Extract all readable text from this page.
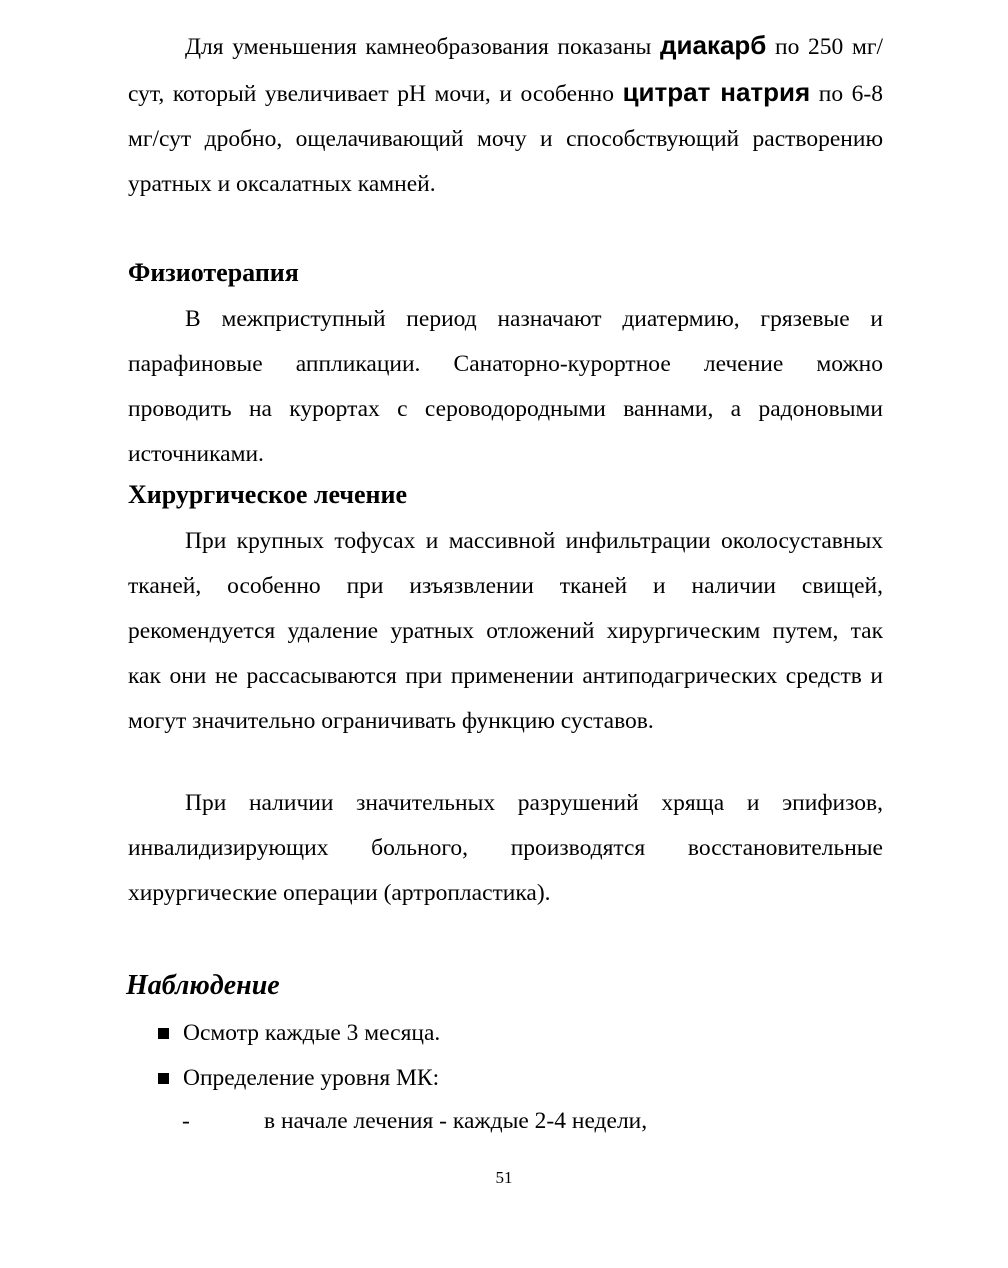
Для уменьшения камнеобразования показаны диакарб по 250 мг/сут, который увеличивает рН мочи, и особенно цитрат натрия по 6-8 мг/сут дробно, ощелачивающий мочу и способствующий растворению уратных и оксалатных камней.

Физиотерапия

В межприступный период назначают диатермию, грязевые и парафиновые аппликации. Санаторно-курортное лечение можно проводить на курортах с сероводородными ваннами, а радоновыми источниками.

Хирургическое лечение

При крупных тофусах и массивной инфильтрации околосуставных тканей, особенно при изъязвлении тканей и наличии свищей, рекомендуется удаление уратных отложений хирургическим путем, так как они не рассасываются при применении антиподагрических средств и могут значительно ограничивать функцию суставов.

При наличии значительных разрушений хряща и эпифизов, инвалидизирующих больного, производятся восстановительные хирургические операции (артропластика).

Наблюдение
Осмотр каждые 3 месяца.
Определение уровня МК:
-	в начале лечения - каждые 2-4 недели,
51
